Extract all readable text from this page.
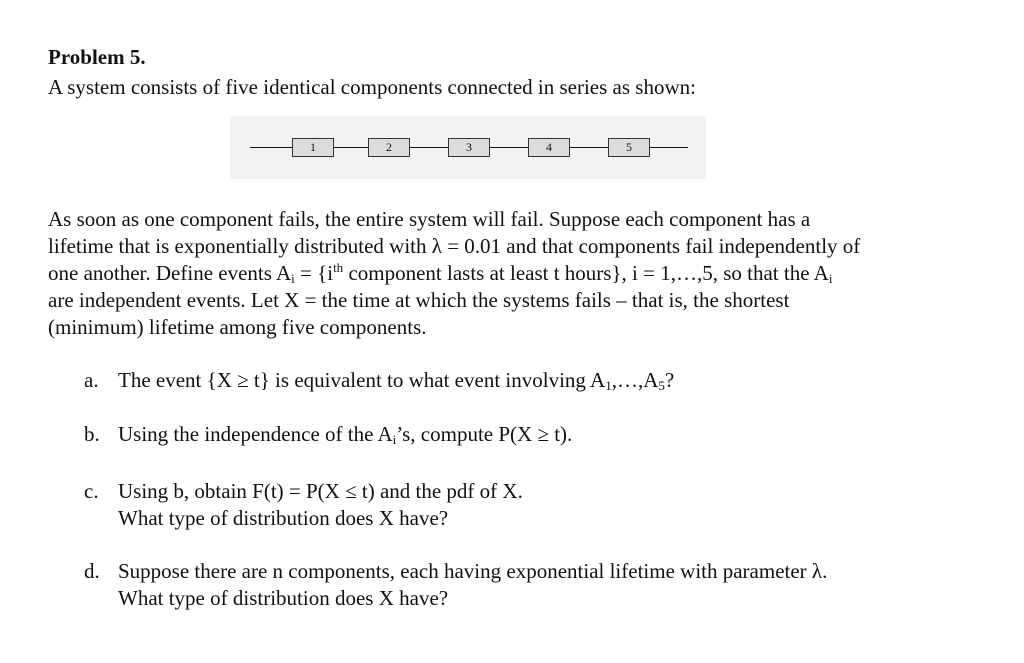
Problem 5.
A system consists of five identical components connected in series as shown:
1	2	3	4	5
As soon as one component fails, the entire system will fail. Suppose each component has a
lifetime that is exponentially distributed with λ = 0.01 and that components fail independently of
one another. Define events $A_i = \{i^{th}$ component lasts at least t hours}, i = 1,…,5, so that the $A_i$
are independent events. Let X = the time at which the systems fails – that is, the shortest
(minimum) lifetime among five components.
a. The event {X ≥ t} is equivalent to what event involving $A_1,\dots,A_5$?
b. Using the independence of the $A_i’s$, compute P(X ≥ t).
c. Using b, obtain F(t) = P(X ≤ t) and the pdf of X.
What type of distribution does X have?
d. Suppose there are n components, each having exponential lifetime with parameter λ.
What type of distribution does X have?
